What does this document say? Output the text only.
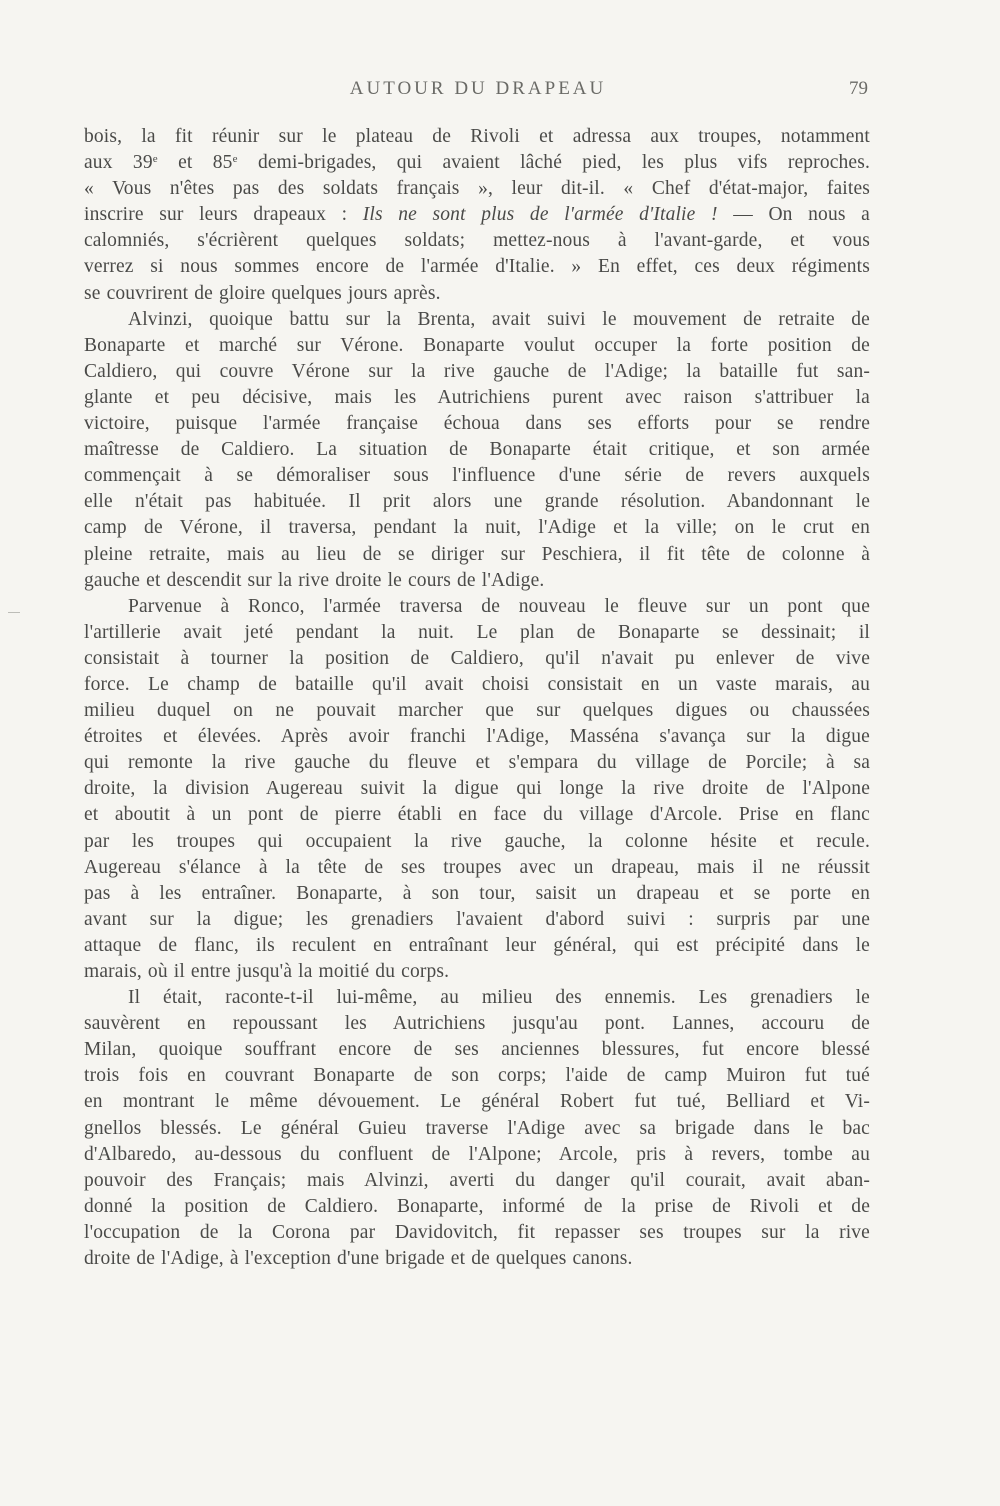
AUTOUR DU DRAPEAU	79
bois, la fit réunir sur le plateau de Rivoli et adressa aux troupes, notamment
aux 39e et 85e demi-brigades, qui avaient lâché pied, les plus vifs reproches.
« Vous n'êtes pas des soldats français », leur dit-il. « Chef d'état-major, faites
inscrire sur leurs drapeaux : Ils ne sont plus de l'armée d'Italie ! — On nous a
calomniés, s'écrièrent quelques soldats; mettez-nous à l'avant-garde, et vous
verrez si nous sommes encore de l'armée d'Italie. » En effet, ces deux régiments
se couvrirent de gloire quelques jours après.
Alvinzi, quoique battu sur la Brenta, avait suivi le mouvement de retraite de
Bonaparte et marché sur Vérone. Bonaparte voulut occuper la forte position de
Caldiero, qui couvre Vérone sur la rive gauche de l'Adige; la bataille fut san-
glante et peu décisive, mais les Autrichiens purent avec raison s'attribuer la
victoire, puisque l'armée française échoua dans ses efforts pour se rendre
maîtresse de Caldiero. La situation de Bonaparte était critique, et son armée
commençait à se démoraliser sous l'influence d'une série de revers auxquels
elle n'était pas habituée. Il prit alors une grande résolution. Abandonnant le
camp de Vérone, il traversa, pendant la nuit, l'Adige et la ville; on le crut en
pleine retraite, mais au lieu de se diriger sur Peschiera, il fit tête de colonne à
gauche et descendit sur la rive droite le cours de l'Adige.
Parvenue à Ronco, l'armée traversa de nouveau le fleuve sur un pont que
l'artillerie avait jeté pendant la nuit. Le plan de Bonaparte se dessinait; il
consistait à tourner la position de Caldiero, qu'il n'avait pu enlever de vive
force. Le champ de bataille qu'il avait choisi consistait en un vaste marais, au
milieu duquel on ne pouvait marcher que sur quelques digues ou chaussées
étroites et élevées. Après avoir franchi l'Adige, Masséna s'avança sur la digue
qui remonte la rive gauche du fleuve et s'empara du village de Porcile; à sa
droite, la division Augereau suivit la digue qui longe la rive droite de l'Alpone
et aboutit à un pont de pierre établi en face du village d'Arcole. Prise en flanc
par les troupes qui occupaient la rive gauche, la colonne hésite et recule.
Augereau s'élance à la tête de ses troupes avec un drapeau, mais il ne réussit
pas à les entraîner. Bonaparte, à son tour, saisit un drapeau et se porte en
avant sur la digue; les grenadiers l'avaient d'abord suivi : surpris par une
attaque de flanc, ils reculent en entraînant leur général, qui est précipité dans le
marais, où il entre jusqu'à la moitié du corps.
Il était, raconte-t-il lui-même, au milieu des ennemis. Les grenadiers le
sauvèrent en repoussant les Autrichiens jusqu'au pont. Lannes, accouru de
Milan, quoique souffrant encore de ses anciennes blessures, fut encore blessé
trois fois en couvrant Bonaparte de son corps; l'aide de camp Muiron fut tué
en montrant le même dévouement. Le général Robert fut tué, Belliard et Vi-
gnellos blessés. Le général Guieu traverse l'Adige avec sa brigade dans le bac
d'Albaredo, au-dessous du confluent de l'Alpone; Arcole, pris à revers, tombe au
pouvoir des Français; mais Alvinzi, averti du danger qu'il courait, avait aban-
donné la position de Caldiero. Bonaparte, informé de la prise de Rivoli et de
l'occupation de la Corona par Davidovitch, fit repasser ses troupes sur la rive
droite de l'Adige, à l'exception d'une brigade et de quelques canons.
